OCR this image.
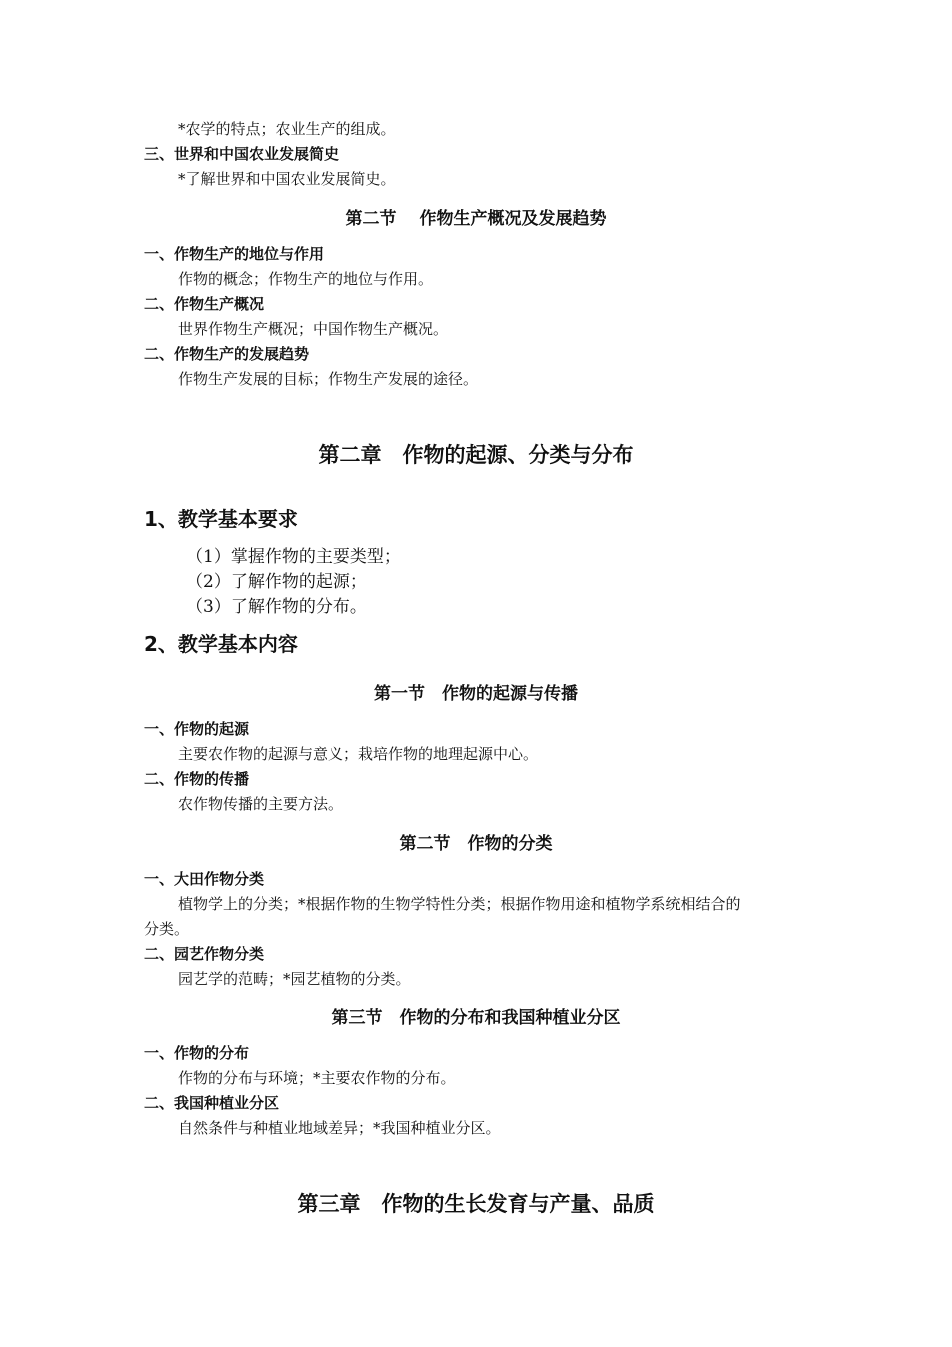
*农学的特点；农业生产的组成。
三、世界和中国农业发展简史
*了解世界和中国农业发展简史。
第二节　 作物生产概况及发展趋势
一、作物生产的地位与作用
作物的概念；作物生产的地位与作用。
二、作物生产概况
世界作物生产概况；中国作物生产概况。
二、作物生产的发展趋势
作物生产发展的目标；作物生产发展的途径。
第二章　作物的起源、分类与分布
1、教学基本要求
（1）掌握作物的主要类型；
（2）了解作物的起源；
（3）了解作物的分布。
2、教学基本内容
第一节　作物的起源与传播
一、作物的起源
主要农作物的起源与意义；栽培作物的地理起源中心。
二、作物的传播
农作物传播的主要方法。
第二节　作物的分类
一、大田作物分类
植物学上的分类；*根据作物的生物学特性分类；根据作物用途和植物学系统相结合的
分类。
二、园艺作物分类
园艺学的范畴；*园艺植物的分类。
第三节　作物的分布和我国种植业分区
一、作物的分布
作物的分布与环境；*主要农作物的分布。
二、我国种植业分区
自然条件与种植业地域差异；*我国种植业分区。
第三章　作物的生长发育与产量、品质
